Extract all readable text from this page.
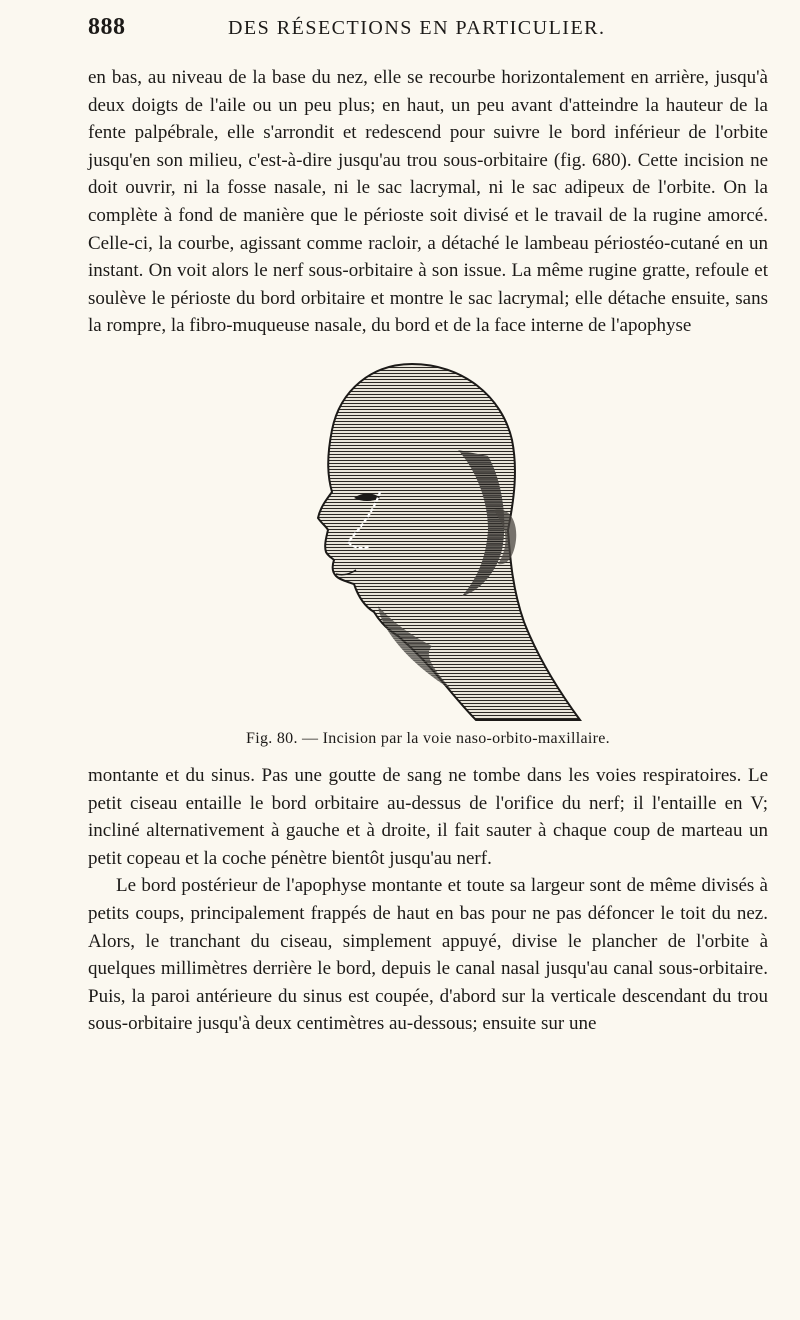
888	DES RÉSECTIONS EN PARTICULIER.

en bas, au niveau de la base du nez, elle se recourbe horizontalement en arrière, jusqu'à deux doigts de l'aile ou un peu plus; en haut, un peu avant d'atteindre la hauteur de la fente palpébrale, elle s'arrondit et redescend pour suivre le bord inférieur de l'orbite jusqu'en son milieu, c'est-à-dire jusqu'au trou sous-orbitaire (fig. 680). Cette incision ne doit ouvrir, ni la fosse nasale, ni le sac lacrymal, ni le sac adipeux de l'orbite. On la complète à fond de manière que le périoste soit divisé et le travail de la rugine amorcé. Celle-ci, la courbe, agissant comme racloir, a détaché le lambeau périostéo-cutané en un instant. On voit alors le nerf sous-orbitaire à son issue. La même rugine gratte, refoule et soulève le périoste du bord orbitaire et montre le sac lacrymal; elle détache ensuite, sans la rompre, la fibro-muqueuse nasale, du bord et de la face interne de l'apophyse

Fig. 80. — Incision par la voie naso-orbito-maxillaire.

montante et du sinus. Pas une goutte de sang ne tombe dans les voies respiratoires. Le petit ciseau entaille le bord orbitaire au-dessus de l'orifice du nerf; il l'entaille en V; incliné alternativement à gauche et à droite, il fait sauter à chaque coup de marteau un petit copeau et la coche pénètre bientôt jusqu'au nerf.

Le bord postérieur de l'apophyse montante et toute sa largeur sont de même divisés à petits coups, principalement frappés de haut en bas pour ne pas défoncer le toit du nez. Alors, le tranchant du ciseau, simplement appuyé, divise le plancher de l'orbite à quelques millimètres derrière le bord, depuis le canal nasal jusqu'au canal sous-orbitaire. Puis, la paroi antérieure du sinus est coupée, d'abord sur la verticale descendant du trou sous-orbitaire jusqu'à deux centimètres au-dessous; ensuite sur une
